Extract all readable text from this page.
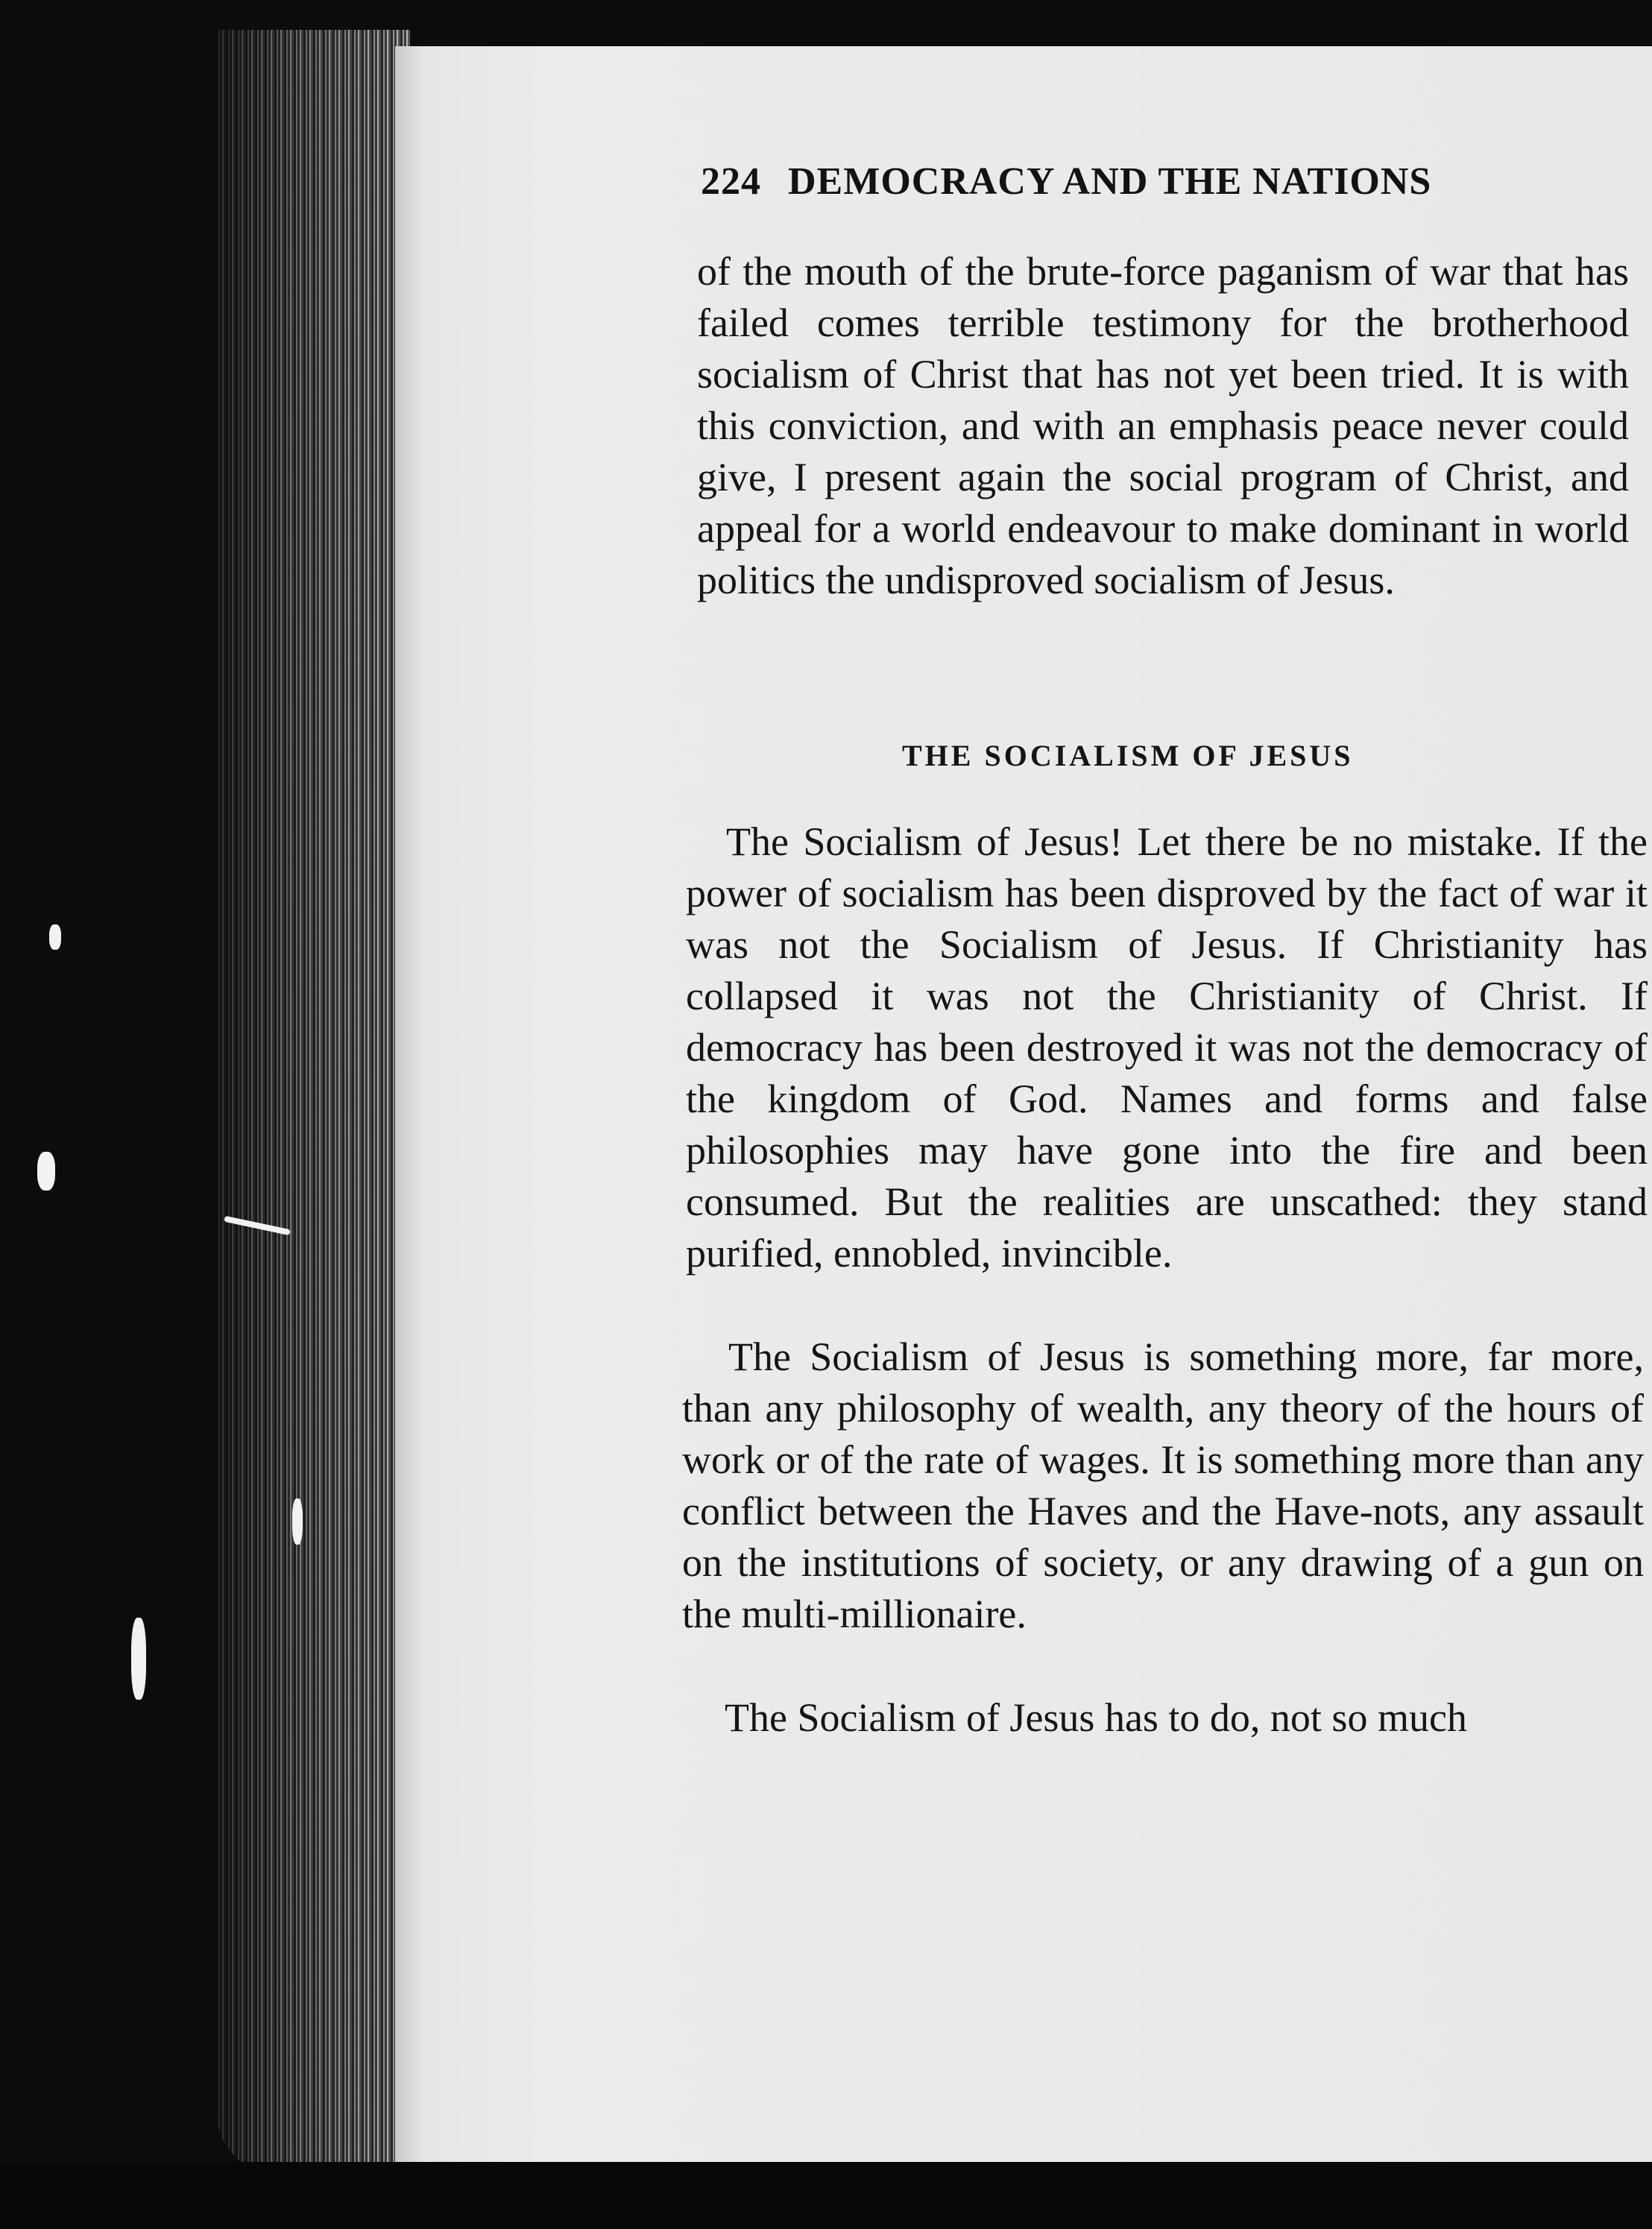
224 DEMOCRACY AND THE NATIONS

of the mouth of the brute-force paganism of war that has failed comes terrible testimony for the brotherhood socialism of Christ that has not yet been tried. It is with this conviction, and with an emphasis peace never could give, I present again the social program of Christ, and appeal for a world endeavour to make dominant in world politics the undisproved socialism of Jesus.

THE SOCIALISM OF JESUS

The Socialism of Jesus! Let there be no mistake. If the power of socialism has been disproved by the fact of war it was not the Socialism of Jesus. If Christianity has collapsed it was not the Christianity of Christ. If democracy has been destroyed it was not the democracy of the kingdom of God. Names and forms and false philosophies may have gone into the fire and been consumed. But the realities are unscathed: they stand purified, ennobled, invincible.

The Socialism of Jesus is something more, far more, than any philosophy of wealth, any theory of the hours of work or of the rate of wages. It is something more than any conflict between the Haves and the Have-nots, any assault on the institutions of society, or any drawing of a gun on the multi-millionaire.

The Socialism of Jesus has to do, not so much
